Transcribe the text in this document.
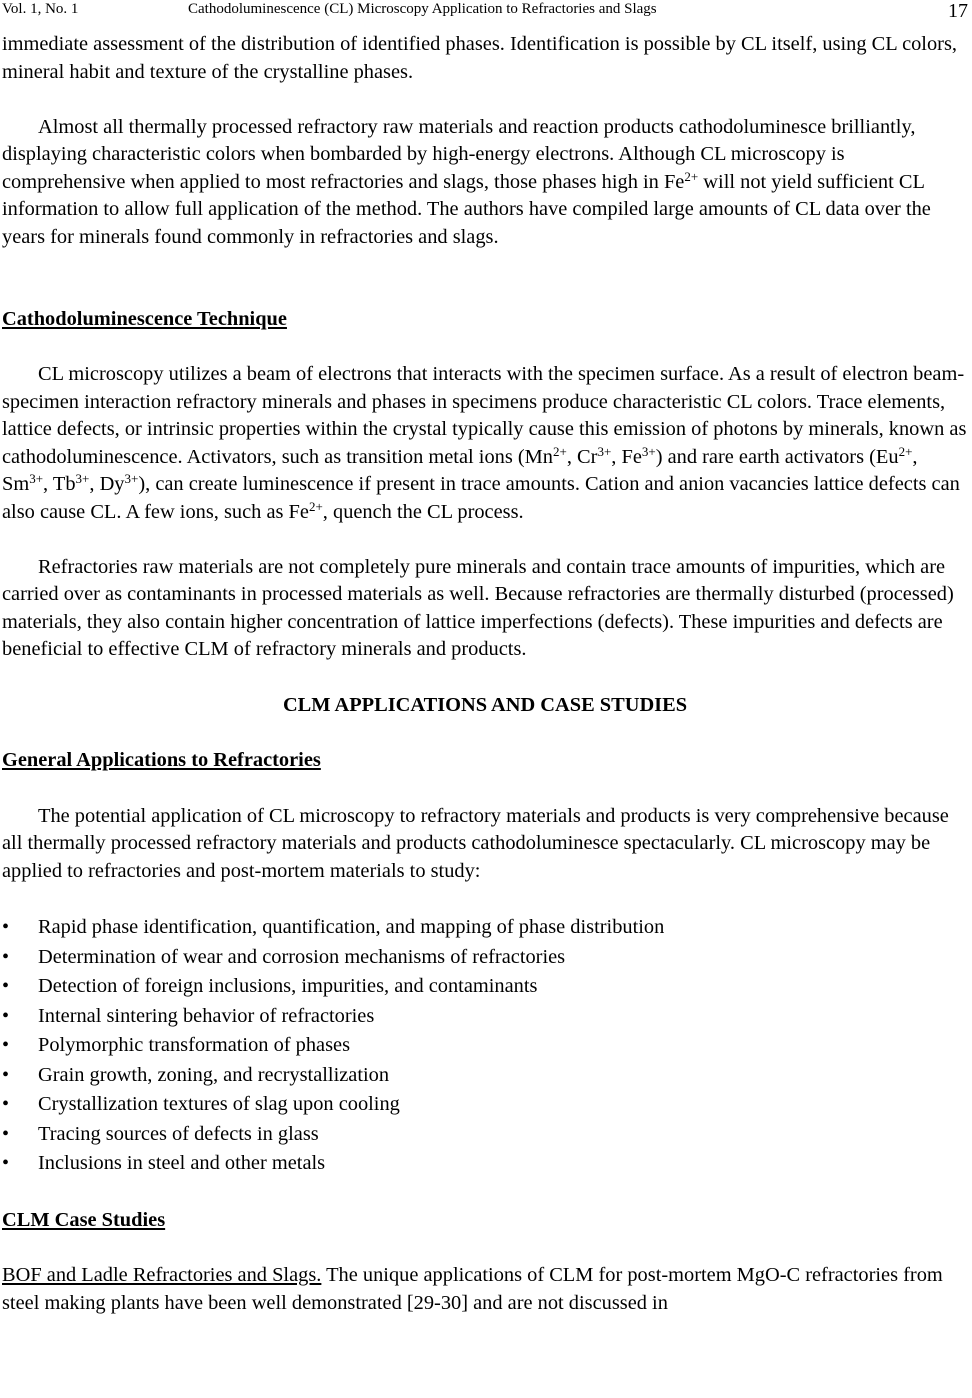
Vol. 1, No. 1	Cathodoluminescence (CL) Microscopy Application to Refractories and Slags	17

immediate assessment of the distribution of identified phases. Identification is possible by CL itself, using CL colors, mineral habit and texture of the crystalline phases.

Almost all thermally processed refractory raw materials and reaction products cathodoluminesce brilliantly, displaying characteristic colors when bombarded by high-energy electrons. Although CL microscopy is comprehensive when applied to most refractories and slags, those phases high in $Fe^{2+}$ will not yield sufficient CL information to allow full application of the method. The authors have compiled large amounts of CL data over the years for minerals found commonly in refractories and slags.

Cathodoluminescence Technique

CL microscopy utilizes a beam of electrons that interacts with the specimen surface. As a result of electron beam-specimen interaction refractory minerals and phases in specimens produce characteristic CL colors. Trace elements, lattice defects, or intrinsic properties within the crystal typically cause this emission of photons by minerals, known as cathodoluminescence. Activators, such as transition metal ions ($Mn^{2+}$, $Cr^{3+}$, $Fe^{3+}$) and rare earth activators ($Eu^{2+}$, $Sm^{3+}$, $Tb^{3+}$, $Dy^{3+}$), can create luminescence if present in trace amounts. Cation and anion vacancies lattice defects can also cause CL. A few ions, such as $Fe^{2+}$, quench the CL process.

Refractories raw materials are not completely pure minerals and contain trace amounts of impurities, which are carried over as contaminants in processed materials as well. Because refractories are thermally disturbed (processed) materials, they also contain higher concentration of lattice imperfections (defects). These impurities and defects are beneficial to effective CLM of refractory minerals and products.

CLM APPLICATIONS AND CASE STUDIES

General Applications to Refractories

The potential application of CL microscopy to refractory materials and products is very comprehensive because all thermally processed refractory materials and products cathodoluminesce spectacularly. CL microscopy may be applied to refractories and post-mortem materials to study:

• Rapid phase identification, quantification, and mapping of phase distribution
• Determination of wear and corrosion mechanisms of refractories
• Detection of foreign inclusions, impurities, and contaminants
• Internal sintering behavior of refractories
• Polymorphic transformation of phases
• Grain growth, zoning, and recrystallization
• Crystallization textures of slag upon cooling
• Tracing sources of defects in glass
• Inclusions in steel and other metals

CLM Case Studies

BOF and Ladle Refractories and Slags. The unique applications of CLM for post-mortem MgO-C refractories from steel making plants have been well demonstrated [29-30] and are not discussed in
